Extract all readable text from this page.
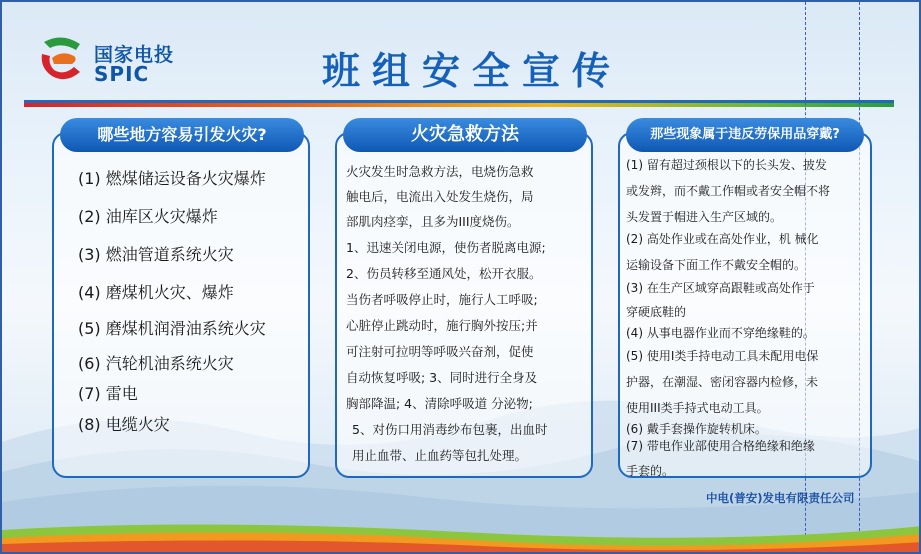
国家电投
SPIC	班组安全宣传
哪些地方容易引发火灾?
(1) 燃煤储运设备火灾爆炸
(2) 油库区火灾爆炸
(3) 燃油管道系统火灾
(4) 磨煤机火灾、爆炸
(5) 磨煤机润滑油系统火灾
(6) 汽轮机油系统火灾
(7) 雷电
(8) 电缆火灾
火灾急救方法

火灾发生时急救方法，电烧伤急救

触电后，电流出入处发生烧伤，局

部肌肉痉挛，且多为III度烧伤。

1、迅速关闭电源，使伤者脱离电源;

2、伤员转移至通风处，松开衣服。

当伤者呼吸停止时，施行人工呼吸;

心脏停止跳动时，施行胸外按压;并

可注射可拉明等呼吸兴奋剂，促使

自动恢复呼吸; 3、同时进行全身及

胸部降温; 4、清除呼吸道 分泌物;

5、对伤口用消毒纱布包裹，出血时

用止血带、止血药等包扎处理。

那些现象属于违反劳保用品穿戴?

(1) 留有超过颈根以下的长头发、披发

或发辫，而不戴工作帽或者安全帽不将

头发置于帽进入生产区域的。

(2) 高处作业或在高处作业，机 械化

运输设备下面工作不戴安全帽的。

(3) 在生产区域穿高跟鞋或高处作于

穿硬底鞋的

(4) 从事电器作业而不穿绝缘鞋的。

(5) 使用I类手持电动工具未配用电保

护器，在潮湿、密闭容器内检修，未

使用III类手持式电动工具。

(6) 戴手套操作旋转机床。

(7) 带电作业部使用合格绝缘和绝缘

手套的。

中电(普安)发电有限责任公司
